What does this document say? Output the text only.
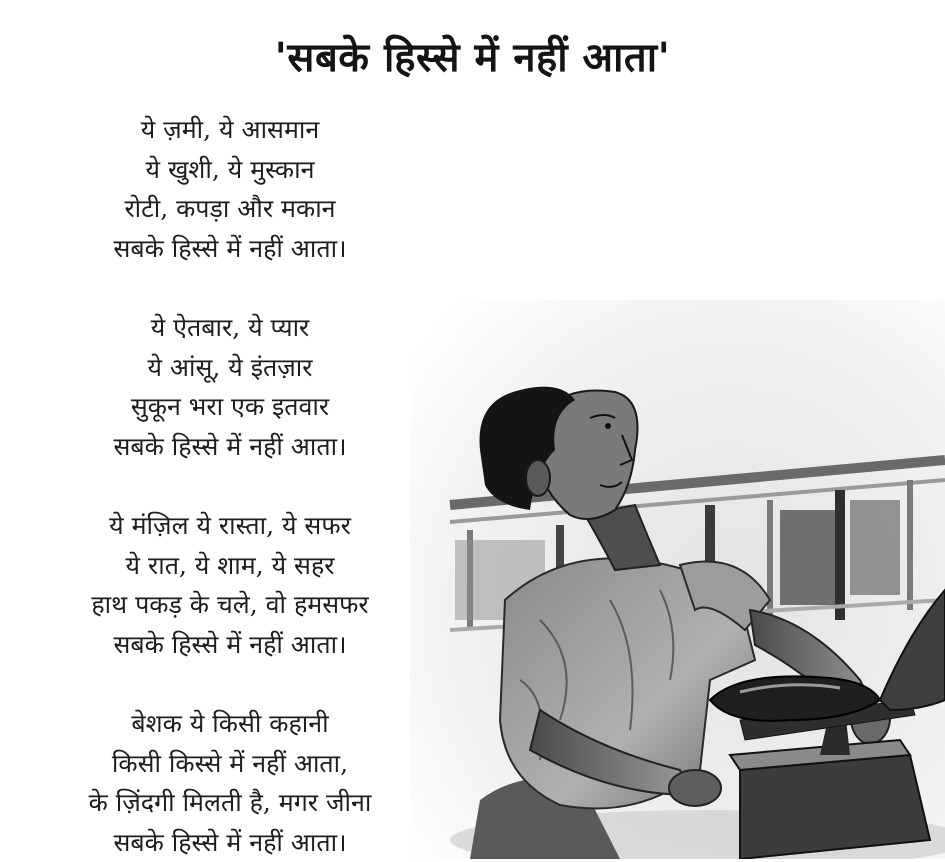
'सबके हिस्से में नहीं आता'
ये ज़मी, ये आसमान
ये खुशी, ये मुस्कान
रोटी, कपड़ा और मकान
सबके हिस्से में नहीं आता।
ये ऐतबार, ये प्यार
ये आंसू, ये इंतज़ार
सुकून भरा एक इतवार
सबके हिस्से में नहीं आता।
ये मंज़िल ये रास्ता, ये सफर
ये रात, ये शाम, ये सहर
हाथ पकड़ के चले, वो हमसफर
सबके हिस्से में नहीं आता।
बेशक ये किसी कहानी
किसी किस्से में नहीं आता,
के ज़िंदगी मिलती है, मगर जीना
सबके हिस्से में नहीं आता।
